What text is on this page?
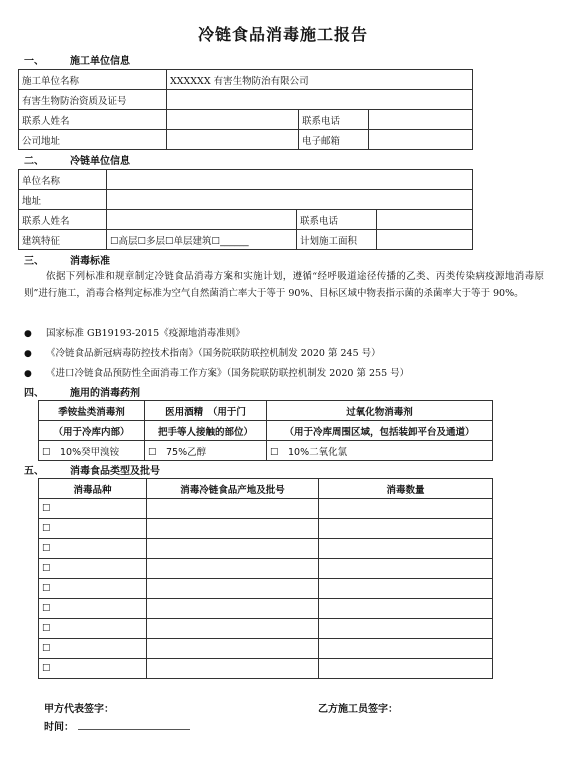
冷链食品消毒施工报告
一、	施工单位信息
施工单位名称	XXXXXX 有害生物防治有限公司		
有害生物防治资质及证号			
联系人姓名		联系电话	
公司地址		电子邮箱	
二、	冷链单位信息
单位名称			
地址			
联系人姓名		联系电话	
建筑特征	☐高层☐多层☐单层建筑☐______	计划施工面积	
三、	消毒标准
依据下列标准和规章制定冷链食品消毒方案和实施计划，遵循“经呼吸道途径传播的乙类、丙类传染病疫源地消毒原则”进行施工，消毒合格判定标准为空气自然菌消亡率大于等于 90%、目标区域中物表指示菌的杀菌率大于等于 90%。
● 国家标准 GB19193-2015《疫源地消毒准则》
● 《冷链食品新冠病毒防控技术指南》（国务院联防联控机制发 2020 第 245 号）
● 《进口冷链食品预防性全面消毒工作方案》（国务院联防联控机制发 2020 第 255 号）
四、	施用的消毒药剂
季铵盐类消毒剂	医用酒精　（用于门	过氧化物消毒剂
（用于冷库内部）	把手等人接触的部位）	（用于冷库周围区域，包括装卸平台及通道）
☐　10%癸甲溴铵	☐　75%乙醇	☐　10%二氧化氯
五、	消毒食品类型及批号
消毒品种	消毒冷链食品产地及批号	消毒数量
☐		
☐		
☐		
☐		
☐		
☐		
☐		
☐		
☐		
甲方代表签字：	乙方施工员签字：
时间：
